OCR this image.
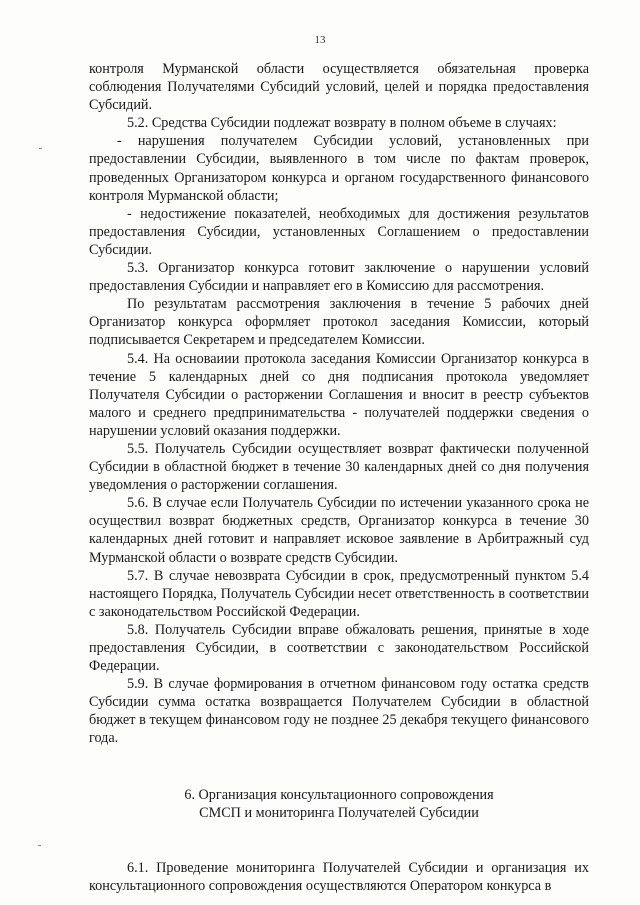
13

контроля Мурманской области осуществляется обязательная проверка соблюдения Получателями Субсидий условий, целей и порядка предоставления Субсидий.

5.2. Средства Субсидии подлежат возврату в полном объеме в случаях:

- нарушения получателем Субсидии условий, установленных при предоставлении Субсидии, выявленного в том числе по фактам проверок, проведенных Организатором конкурса и органом государственного финансового контроля Мурманской области;

- недостижение показателей, необходимых для достижения результатов предоставления Субсидии, установленных Соглашением о предоставлении Субсидии.

5.3. Организатор конкурса готовит заключение о нарушении условий предоставления Субсидии и направляет его в Комиссию для рассмотрения.

По результатам рассмотрения заключения в течение 5 рабочих дней Организатор конкурса оформляет протокол заседания Комиссии, который подписывается Секретарем и председателем Комиссии.

5.4. На основаиии протокола заседания Комиссии Организатор конкурса в течение 5 календарных дней со дня подписания протокола уведомляет Получателя Субсидии о расторжении Соглашения и вносит в реестр субъектов малого и среднего предпринимательства - получателей поддержки сведения о нарушении условий оказания поддержки.

5.5. Получатель Субсидии осуществляет возврат фактически полученной Субсидии в областной бюджет в течение 30 календарных дней со дня получения уведомления о расторжении соглашения.

5.6. В случае если Получатель Субсидии по истечении указанного срока не осуществил возврат бюджетных средств, Организатор конкурса в течение 30 календарных дней готовит и направляет исковое заявление в Арбитражный суд Мурманской области о возврате средств Субсидии.

5.7. В случае невозврата Субсидии в срок, предусмотренный пунктом 5.4 настоящего Порядка, Получатель Субсидии несет ответственность в соответствии с законодательством Российской Федерации.

5.8. Получатель Субсидии вправе обжаловать решения, принятые в ходе предоставления Субсидии, в соответствии с законодательством Российской Федерации.

5.9. В случае формирования в отчетном финансовом году остатка средств Субсидии сумма остатка возвращается Получателем Субсидии в областной бюджет в текущем финансовом году не позднее 25 декабря текущего финансового года.

6. Организация консультационного сопровождения
СМСП и мониторинга Получателей Субсидии

6.1. Проведение мониторинга Получателей Субсидии и организация их консультационного сопровождения осуществляются Оператором конкурса в
